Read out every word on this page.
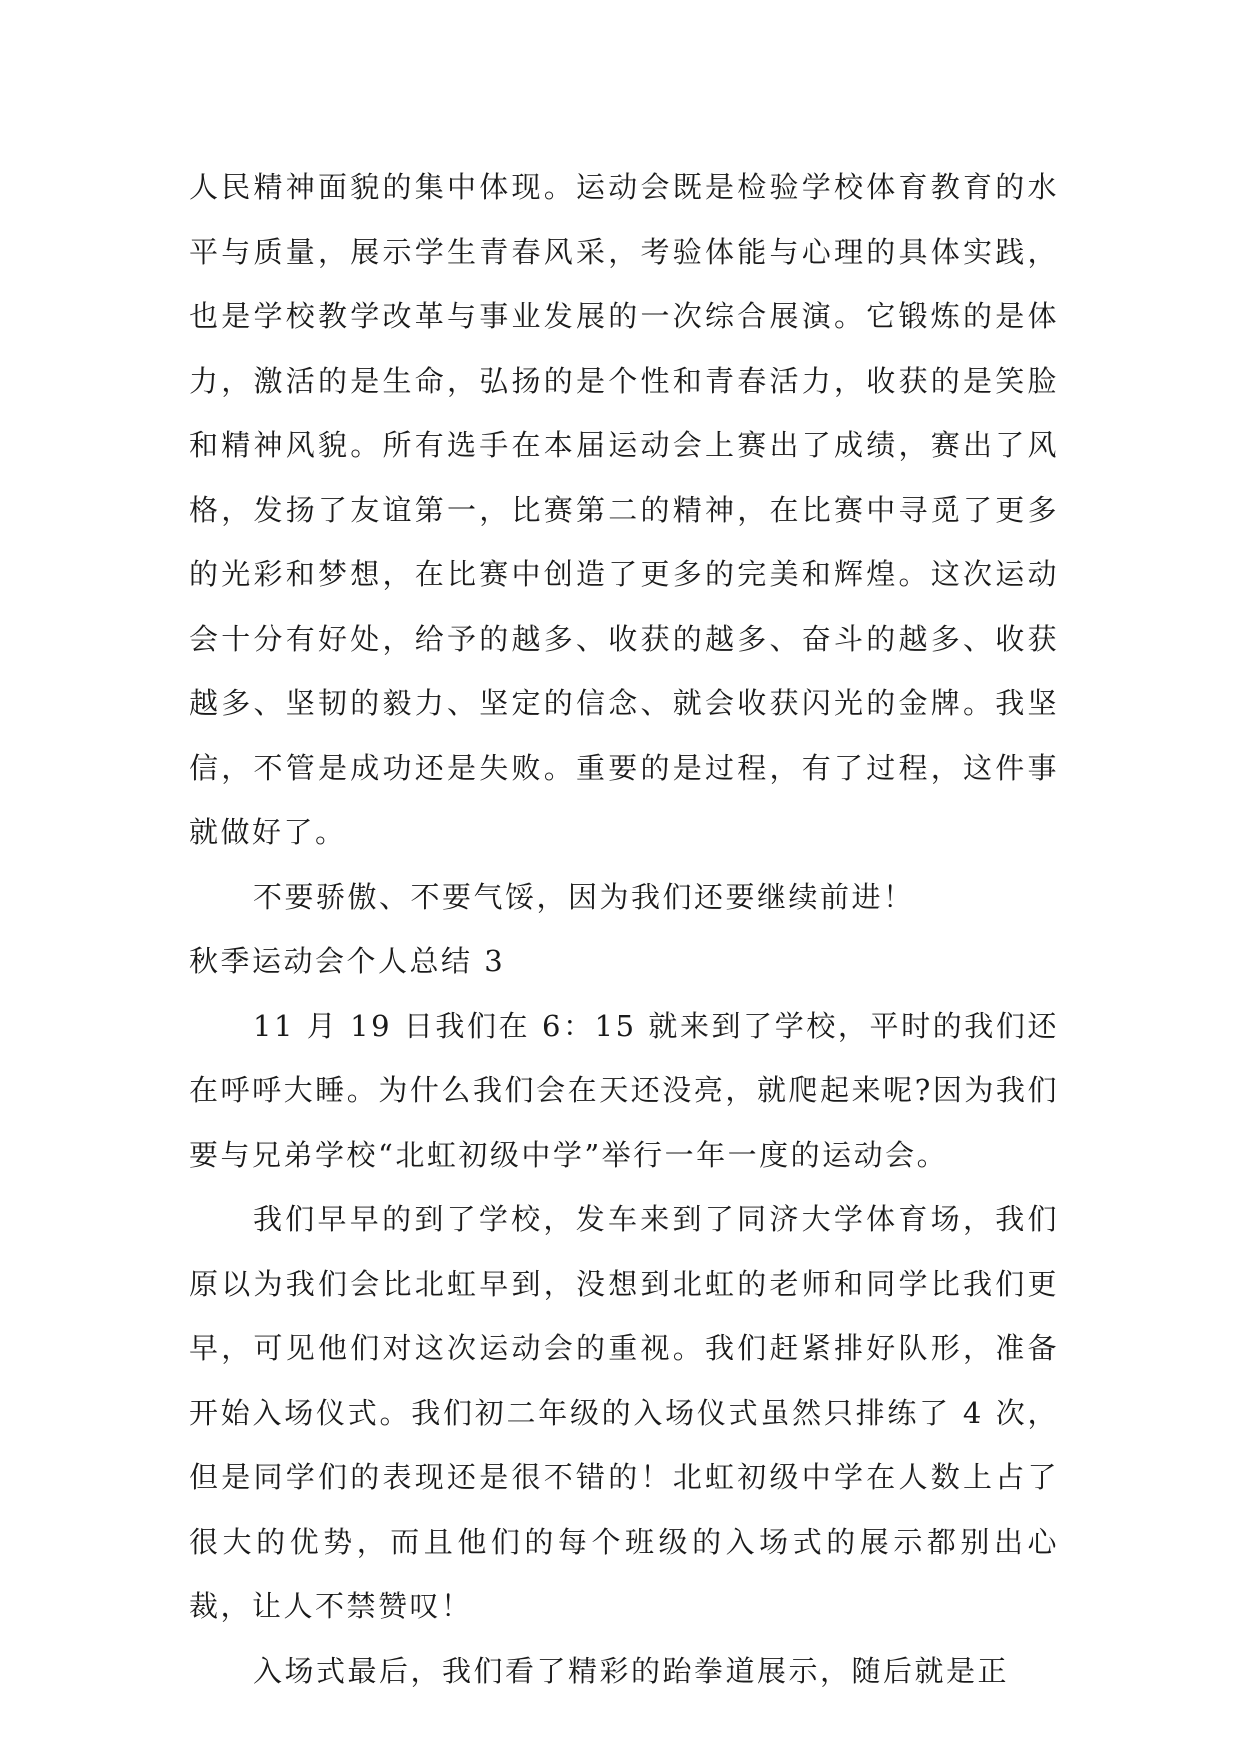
人民精神面貌的集中体现。运动会既是检验学校体育教育的水平与质量，展示学生青春风采，考验体能与心理的具体实践，也是学校教学改革与事业发展的一次综合展演。它锻炼的是体力，激活的是生命，弘扬的是个性和青春活力，收获的是笑脸和精神风貌。所有选手在本届运动会上赛出了成绩，赛出了风格，发扬了友谊第一，比赛第二的精神，在比赛中寻觅了更多的光彩和梦想，在比赛中创造了更多的完美和辉煌。这次运动会十分有好处，给予的越多、收获的越多、奋斗的越多、收获越多、坚韧的毅力、坚定的信念、就会收获闪光的金牌。我坚信，不管是成功还是失败。重要的是过程，有了过程，这件事就做好了。

不要骄傲、不要气馁，因为我们还要继续前进！

秋季运动会个人总结 3

11 月 19 日我们在 6：15 就来到了学校，平时的我们还在呼呼大睡。为什么我们会在天还没亮，就爬起来呢?因为我们要与兄弟学校“北虹初级中学”举行一年一度的运动会。

我们早早的到了学校，发车来到了同济大学体育场，我们原以为我们会比北虹早到，没想到北虹的老师和同学比我们更早，可见他们对这次运动会的重视。我们赶紧排好队形，准备开始入场仪式。我们初二年级的入场仪式虽然只排练了 4 次，但是同学们的表现还是很不错的！北虹初级中学在人数上占了很大的优势，而且他们的每个班级的入场式的展示都别出心裁，让人不禁赞叹！

入场式最后，我们看了精彩的跆拳道展示，随后就是正
